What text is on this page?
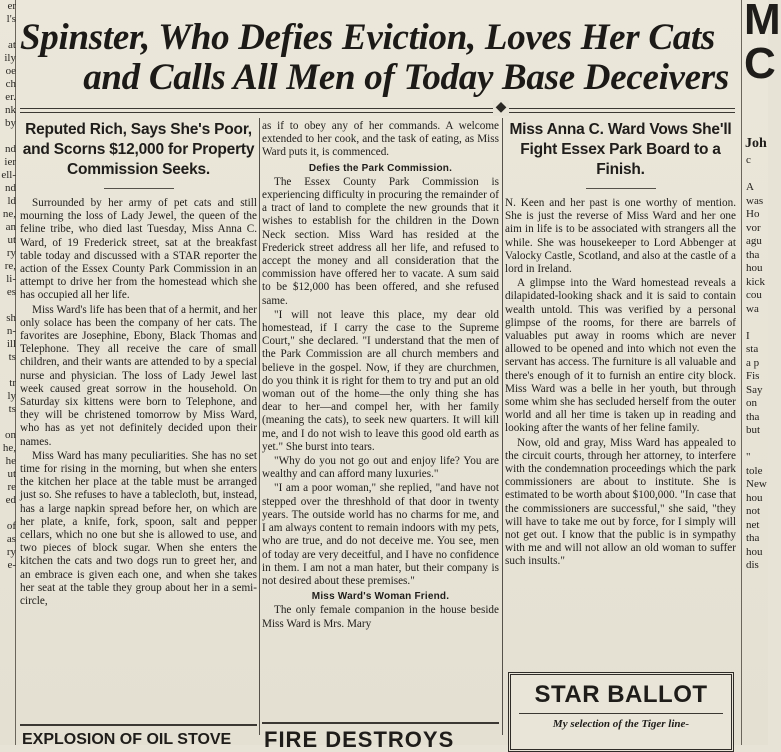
er
l's

at
ily
oe
ch
er.
nk
by

nd
ier
ell-
nd
ld
ne,
an
ut
ry
re,
li-
es

sh
n-
ill
ts

tr
ly
ts

on
he,
he
ut
re
ed

of
as
ry
e-
M
C
Joh
c

A
was
Ho
vor
agu
tha
hou
kick
cou
wa

I
sta
a p
Fis
Say
on
tha
but

"
tole
New
hou
not
net
tha
hou
dis
Spinster, Who Defies Eviction, Loves Her Cats
and Calls All Men of Today Base Deceivers
◆
Reputed Rich, Says She's Poor, and Scorns $12,000 for Property Commission Seeks.

Surrounded by her army of pet cats and still mourning the loss of Lady Jewel, the queen of the feline tribe, who died last Tuesday, Miss Anna C. Ward, of 19 Frederick street, sat at the breakfast table today and discussed with a STAR reporter the action of the Essex County Park Commission in an attempt to drive her from the homestead which she has occupied all her life.

Miss Ward's life has been that of a hermit, and her only solace has been the company of her cats. The favorites are Josephine, Ebony, Black Thomas and Telephone. They all receive the care of small children, and their wants are attended to by a special nurse and physician. The loss of Lady Jewel last week caused great sorrow in the household. On Saturday six kittens were born to Telephone, and they will be christened tomorrow by Miss Ward, who has as yet not definitely decided upon their names.

Miss Ward has many peculiarities. She has no set time for rising in the morning, but when she enters the kitchen her place at the table must be arranged just so. She refuses to have a tablecloth, but, instead, has a large napkin spread before her, on which are her plate, a knife, fork, spoon, salt and pepper cellars, which no one but she is allowed to use, and two pieces of block sugar. When she enters the kitchen the cats and two dogs run to greet her, and an embrace is given each one, and when she takes her seat at the table they group about her in a semi-circle,

as if to obey any of her commands. A welcome extended to her cook, and the task of eating, as Miss Ward puts it, is commenced.

Defies the Park Commission.

The Essex County Park Commission is experiencing difficulty in procuring the remainder of a tract of land to complete the new grounds that it wishes to establish for the children in the Down Neck section. Miss Ward has resided at the Frederick street address all her life, and refused to accept the money and all consideration that the commission have offered her to vacate. A sum said to be $12,000 has been offered, and she refused same.

"I will not leave this place, my dear old homestead, if I carry the case to the Supreme Court," she declared. "I understand that the men of the Park Commission are all church members and believe in the gospel. Now, if they are churchmen, do you think it is right for them to try and put an old woman out of the home—the only thing she has dear to her—and compel her, with her family (meaning the cats), to seek new quarters. It will kill me, and I do not wish to leave this good old earth as yet." She burst into tears.

"Why do you not go out and enjoy life? You are wealthy and can afford many luxuries."

"I am a poor woman," she replied, "and have not stepped over the threshhold of that door in twenty years. The outside world has no charms for me, and I am always content to remain indoors with my pets, who are true, and do not deceive me. You see, men of today are very deceitful, and I have no confidence in them. I am not a man hater, but their company is not desired about these premises."

Miss Ward's Woman Friend.

The only female companion in the house beside Miss Ward is Mrs. Mary

Miss Anna C. Ward Vows She'll Fight Essex Park Board to a Finish.

N. Keen and her past is one worthy of mention. She is just the reverse of Miss Ward and her one aim in life is to be associated with strangers all the while. She was housekeeper to Lord Abbenger at Valocky Castle, Scotland, and also at the castle of a lord in Ireland.

A glimpse into the Ward homestead reveals a dilapidated-looking shack and it is said to contain wealth untold. This was verified by a personal glimpse of the rooms, for there are barrels of valuables put away in rooms which are never allowed to be opened and into which not even the servant has access. The furniture is all valuable and there's enough of it to furnish an entire city block. Miss Ward was a belle in her youth, but through some whim she has secluded herself from the outer world and all her time is taken up in reading and looking after the wants of her feline family.

Now, old and gray, Miss Ward has appealed to the circuit courts, through her attorney, to interfere with the condemnation proceedings which the park commissioners are about to institute. She is estimated to be worth about $100,000. "In case that the commissioners are successful," she said, "they will have to take me out by force, for I simply will not get out. I know that the public is in sympathy with me and will not allow an old woman to suffer such insults."

EXPLOSION OF OIL STOVE	FIRE DESTROYS
STAR BALLOT
My selection of the Tiger line-
